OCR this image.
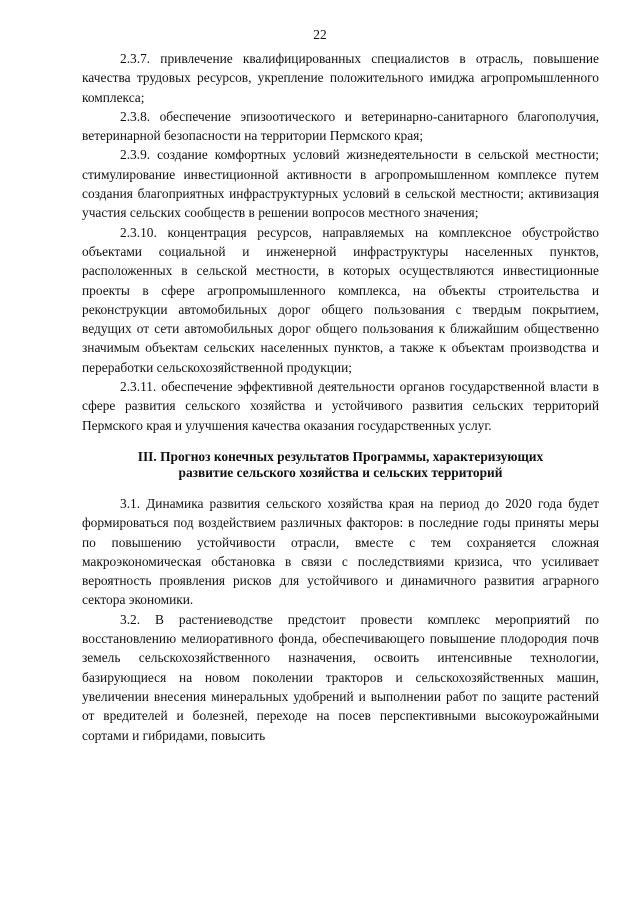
22

2.3.7. привлечение квалифицированных специалистов в отрасль, повышение качества трудовых ресурсов, укрепление положительного имиджа агропромышленного комплекса;

2.3.8. обеспечение эпизоотического и ветеринарно-санитарного благополучия, ветеринарной безопасности на территории Пермского края;

2.3.9. создание комфортных условий жизнедеятельности в сельской местности; стимулирование инвестиционной активности в агропромышленном комплексе путем создания благоприятных инфраструктурных условий в сельской местности; активизация участия сельских сообществ в решении вопросов местного значения;

2.3.10. концентрация ресурсов, направляемых на комплексное обустройство объектами социальной и инженерной инфраструктуры населенных пунктов, расположенных в сельской местности, в которых осуществляются инвестиционные проекты в сфере агропромышленного комплекса, на объекты строительства и реконструкции автомобильных дорог общего пользования с твердым покрытием, ведущих от сети автомобильных дорог общего пользования к ближайшим общественно значимым объектам сельских населенных пунктов, а также к объектам производства и переработки сельскохозяйственной продукции;

2.3.11. обеспечение эффективной деятельности органов государственной власти в сфере развития сельского хозяйства и устойчивого развития сельских территорий Пермского края и улучшения качества оказания государственных услуг.

III. Прогноз конечных результатов Программы, характеризующих
развитие сельского хозяйства и сельских территорий

3.1. Динамика развития сельского хозяйства края на период до 2020 года будет формироваться под воздействием различных факторов: в последние годы приняты меры по повышению устойчивости отрасли, вместе с тем сохраняется сложная макроэкономическая обстановка в связи с последствиями кризиса, что усиливает вероятность проявления рисков для устойчивого и динамичного развития аграрного сектора экономики.

3.2. В растениеводстве предстоит провести комплекс мероприятий по восстановлению мелиоративного фонда, обеспечивающего повышение плодородия почв земель сельскохозяйственного назначения, освоить интенсивные технологии, базирующиеся на новом поколении тракторов и сельскохозяйственных машин, увеличении внесения минеральных удобрений и выполнении работ по защите растений от вредителей и болезней, переходе на посев перспективными высокоурожайными сортами и гибридами, повысить
